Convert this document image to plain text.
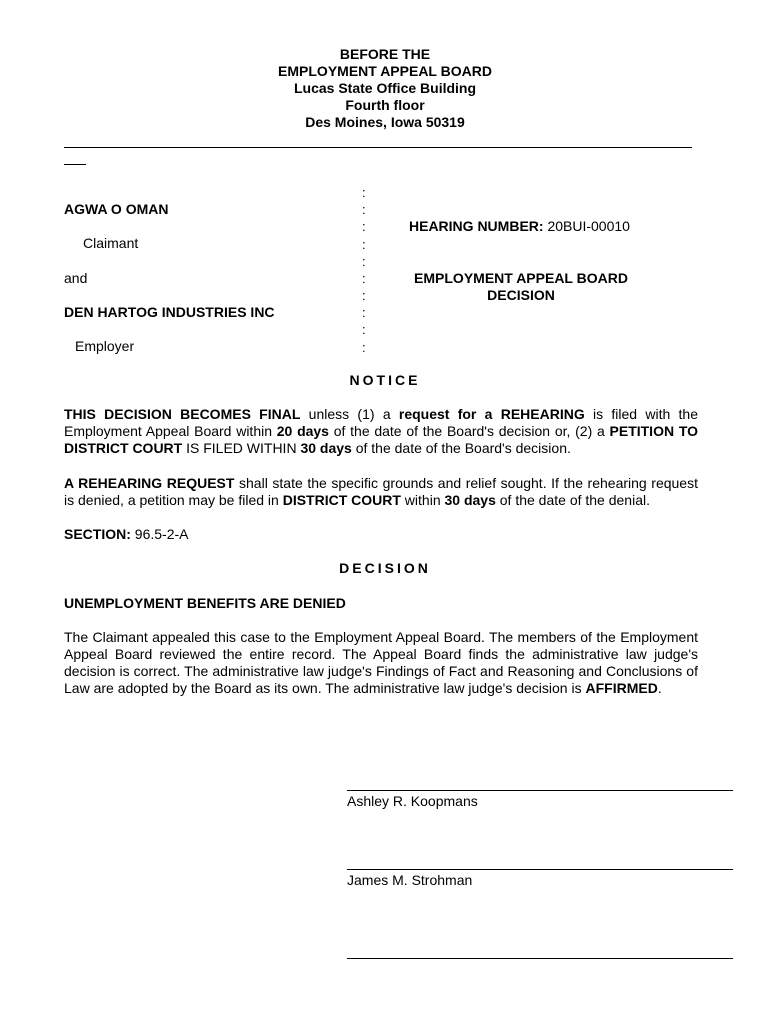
BEFORE THE
EMPLOYMENT APPEAL BOARD
Lucas State Office Building
Fourth floor
Des Moines, Iowa 50319
AGWA O OMAN
Claimant
and
DEN HARTOG INDUSTRIES INC
Employer
:
:
:
:
:
:
:
:
:
:
HEARING NUMBER: 20BUI-00010
EMPLOYMENT APPEAL BOARD
DECISION
NOTICE
THIS DECISION BECOMES FINAL unless (1) a request for a REHEARING is filed with the Employment Appeal Board within 20 days of the date of the Board's decision or, (2) a PETITION TO DISTRICT COURT IS FILED WITHIN 30 days of the date of the Board's decision.
A REHEARING REQUEST shall state the specific grounds and relief sought. If the rehearing request is denied, a petition may be filed in DISTRICT COURT within 30 days of the date of the denial.
SECTION: 96.5-2-A
DECISION
UNEMPLOYMENT BENEFITS ARE DENIED
The Claimant appealed this case to the Employment Appeal Board. The members of the Employment Appeal Board reviewed the entire record. The Appeal Board finds the administrative law judge's decision is correct. The administrative law judge's Findings of Fact and Reasoning and Conclusions of Law are adopted by the Board as its own. The administrative law judge's decision is AFFIRMED.
Ashley R. Koopmans
James M. Strohman
